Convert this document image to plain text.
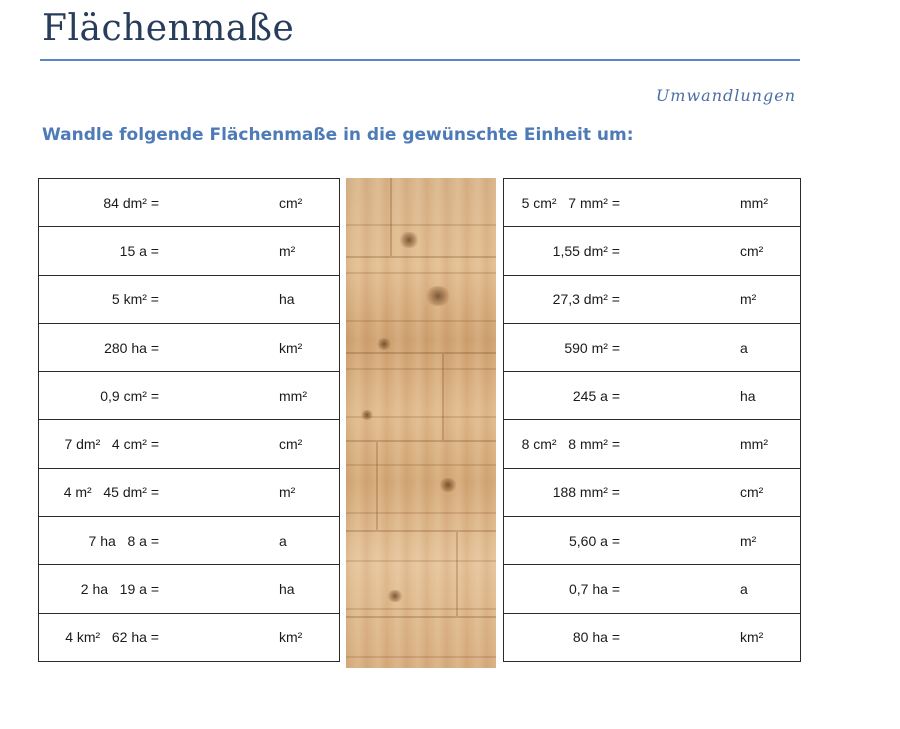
Flächenmaße
Umwandlungen
Wandle folgende Flächenmaße in die gewünschte Einheit um:
84 dm² =	cm²

15 a =	m²

5 km² =	ha

280 ha =	km²

0,9 cm² =	mm²

7 dm²   4 cm² =	cm²

4 m²   45 dm² =	m²

7 ha   8 a =	a

2 ha   19 a =	ha

4 km²   62 ha =	km²
5 cm²   7 mm² =	mm²

1,55 dm² =	cm²

27,3 dm² =	m²

590 m² =	a

245 a =	ha

8 cm²   8 mm² =	mm²

188 mm² =	cm²

5,60 a =	m²

0,7 ha =	a

80 ha =	km²
